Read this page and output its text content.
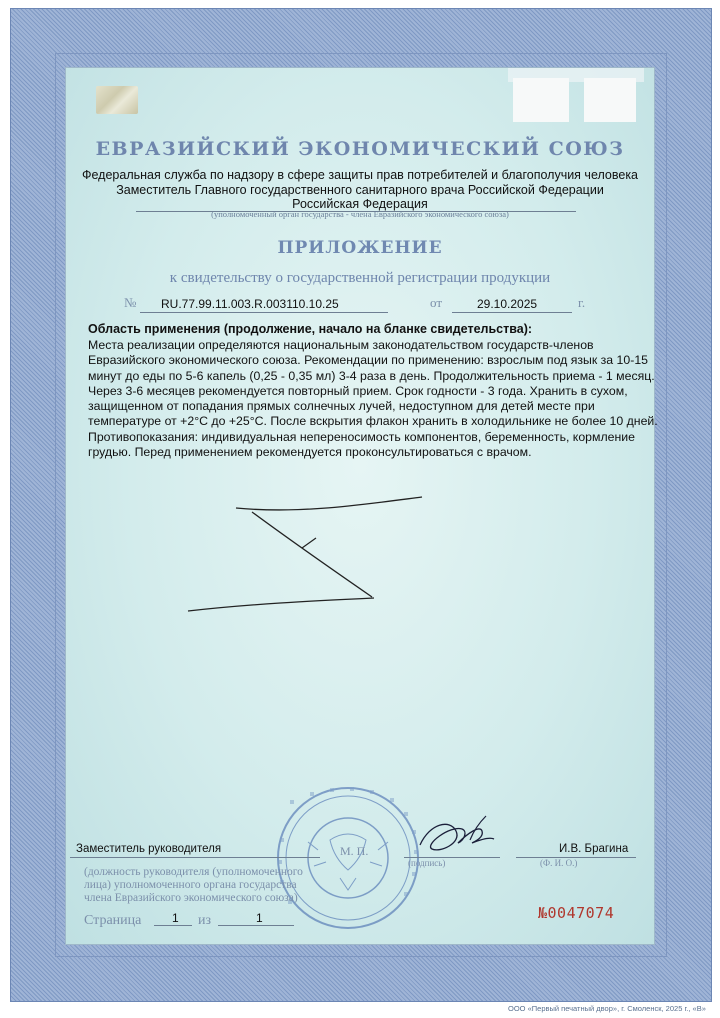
ЕВРАЗИЙСКИЙ ЭКОНОМИЧЕСКИЙ СОЮЗ
Федеральная служба по надзору в сфере защиты прав потребителей и благополучия человека
Заместитель Главного государственного санитарного врача Российской Федерации
Российская Федерация
(уполномоченный орган государства - члена Евразийского экономического союза)
ПРИЛОЖЕНИЕ
к свидетельству о государственной регистрации продукции
№ RU.77.99.11.003.R.003110.10.25	от	29.10.2025	г.
Область применения (продолжение, начало на бланке свидетельства):
Места реализации определяются национальным законодательством государств-членов Евразийского экономического союза. Рекомендации по применению: взрослым под язык за 10-15 минут до еды по 5-6 капель (0,25 - 0,35 мл) 3-4 раза в день. Продолжительность приема - 1 месяц. Через 3-6 месяцев рекомендуется повторный прием. Срок годности - 3 года. Хранить в сухом, защищенном от попадания прямых солнечных лучей, недоступном для детей месте при температуре от +2°С до +25°С. После вскрытия флакон хранить в холодильнике не более 10 дней. Противопоказания: индивидуальная непереносимость компонентов, беременность, кормление грудью. Перед применением рекомендуется проконсультироваться с врачом.
Заместитель руководителя	М. П.
(подпись)
И.В. Брагина
(Ф. И. О.)
(должность руководителя (уполномоченного
лица) уполномоченного органа государства
члена Евразийского экономического союза)
Страница	1 из	1	№0047074
ООО «Первый печатный двор», г. Смоленск, 2025 г., «В»
